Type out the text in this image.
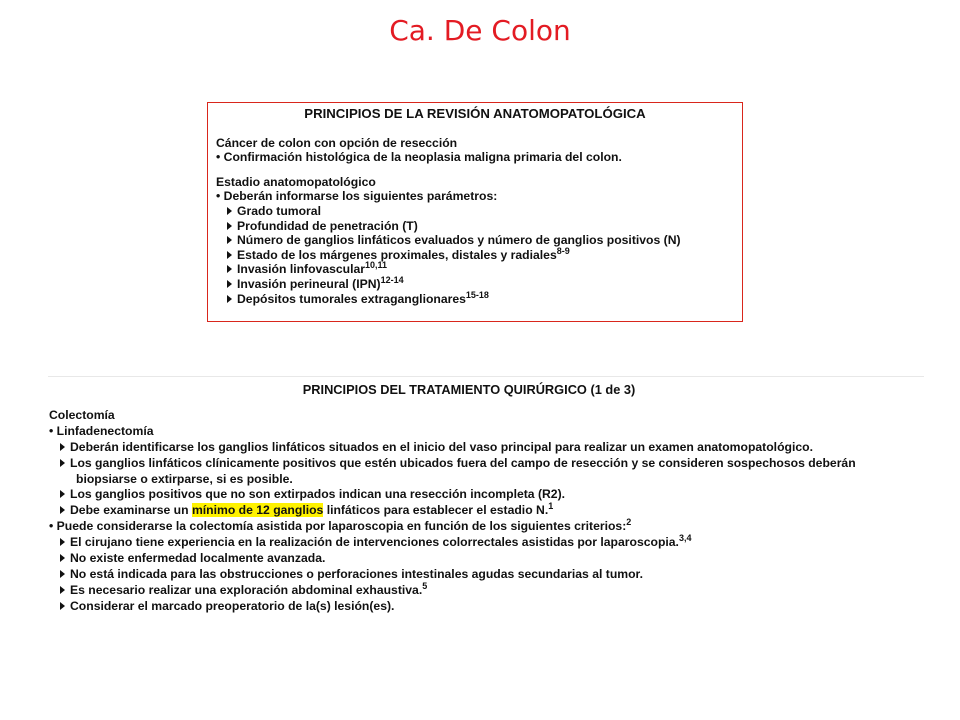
Ca. De Colon
PRINCIPIOS DE LA REVISIÓN ANATOMOPATOLÓGICA
Cáncer de colon con opción de resección
• Confirmación histológica de la neoplasia maligna primaria del colon.
Estadio anatomopatológico
• Deberán informarse los siguientes parámetros:
Grado tumoral
Profundidad de penetración (T)
Número de ganglios linfáticos evaluados y número de ganglios positivos (N)
Estado de los márgenes proximales, distales y radiales$^{8-9}$
Invasión linfovascular$^{10,11}$
Invasión perineural (IPN)$^{12-14}$
Depósitos tumorales extraganglionares$^{15-18}$
PRINCIPIOS DEL TRATAMIENTO QUIRÚRGICO (1 de 3)
Colectomía
• Linfadenectomía
Deberán identificarse los ganglios linfáticos situados en el inicio del vaso principal para realizar un examen anatomopatológico.
Los ganglios linfáticos clínicamente positivos que estén ubicados fuera del campo de resección y se consideren sospechosos deberán
biopsiarse o extirparse, si es posible.
Los ganglios positivos que no son extirpados indican una resección incompleta (R2).
Debe examinarse un mínimo de 12 ganglios linfáticos para establecer el estadio N.$^1$
• Puede considerarse la colectomía asistida por laparoscopia en función de los siguientes criterios:$^2$
El cirujano tiene experiencia en la realización de intervenciones colorrectales asistidas por laparoscopia.$^{3,4}$
No existe enfermedad localmente avanzada.
No está indicada para las obstrucciones o perforaciones intestinales agudas secundarias al tumor.
Es necesario realizar una exploración abdominal exhaustiva.$^5$
Considerar el marcado preoperatorio de la(s) lesión(es).
